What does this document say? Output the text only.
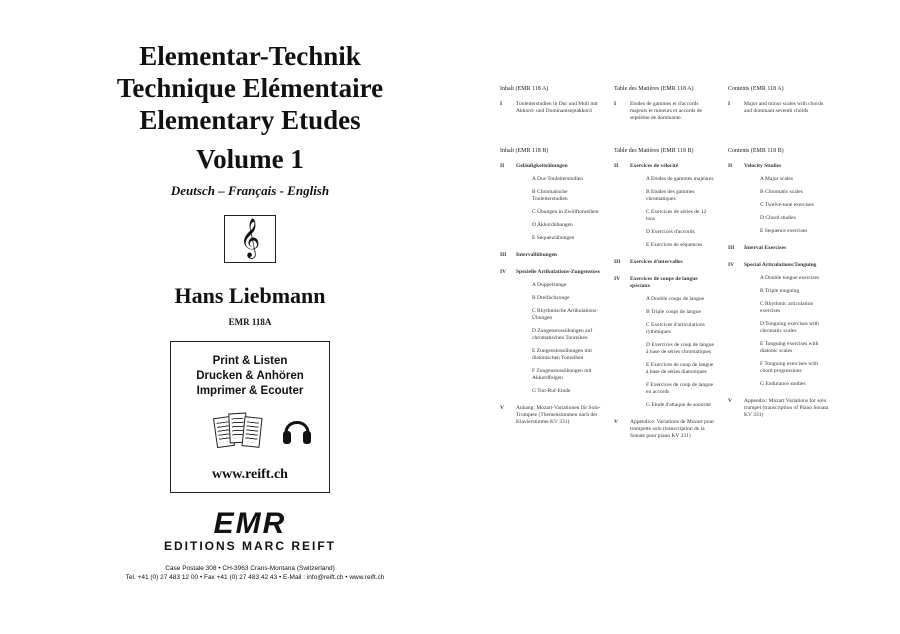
Elementar-Technik
Technique Elémentaire
Elementary Etudes
Volume 1
Deutsch – Français - English
𝄞
Hans Liebmann
EMR 118A
Print & Listen
Drucken & Anhören
Imprimer & Ecouter
www.reift.ch
EMR
EDITIONS MARC REIFT
Case Postale 308 • CH-3963 Crans-Montana (Switzerland)
Tel. +41 (0) 27 483 12 00 • Fax +41 (0) 27 483 42 43 • E-Mail : info@reift.ch • www.reift.ch
Inhalt (EMR 118 A)
I	Tonleiterstudien in Dur und Moll mit Akkord- und Dominantseptakkord
Table des Matières (EMR 118 A)
I	Etudes de gammes et d'accords majeurs et mineurs et accords de septième de dominante.
Contents (EMR 118 A)
I	Major and minor scales with chords and dominant seventh chords
Inhalt (EMR 118 B)
II	Geläufigkeitsübungen
A Dur-Tonleiterstudien
B Chromatische Tonleiterstudien
C Übungen in Zwölftonreihen
D Akkordübungen
E Sequenzübungen
III	Intervallübungen
IV	Spezielle Artikulations-Zungenstoss
A Doppelzunge
B Dreifachzunge
C Rhythmische Artikulations-Übungen
D Zungenstossübungen auf chromatischen Tonreihen
E Zungenstossübungen mit diatonischen Tonreihen
F Zungenstossübungen mit Akkordfolgen
G Ton-Ruf-Etude
V	Anhang: Mozart-Variationen für Solo-Trompete (Themenstimmen nach der Klavierstimme KV 331)
Table des Matières (EMR 118 B)
II	Exercices de vélocité
A Etudes de gammes majeures
B Etudes des gammes chromatiques
C Exercices de séries de 12 tons
D Exercices d'accords
E Exercices de séquences
III	Exercices d'intervalles
IV	Exercices de coups de langue spéciaux
A Double coups de langue
B Triple coups de langue
C Exercices d'articulations rythmiques
D Exercices de coup de langue à base de séries chromatiques
E Exercices de coup de langue à base de séries diatoniques
F Exercices de coup de langue en accords
G Etude d'attaque de sonorité
V	Appendice: Variations de Mozart pour trompette solo (transcription de la Sonate pour piano KV 331)
Contents (EMR 118 B)
II	Velocity Studies
A Major scales
B Chromatic scales
C Twelve-tone exercises
D Chord studies
E Sequence exercises
III	Interval Exercises
IV	Special Articulations/Tonguing
A Double tongue exercises
B Triple tonguing
C Rhythmic articulation exercises
D Tonguing exercises with chromatic scales
E Tonguing exercises with diatonic scales
F Tonguing exercises with chord progressions
G Endurance studies
V	Appendix: Mozart Variations for solo trumpet (transcription of Piano Sonata KV 331)
